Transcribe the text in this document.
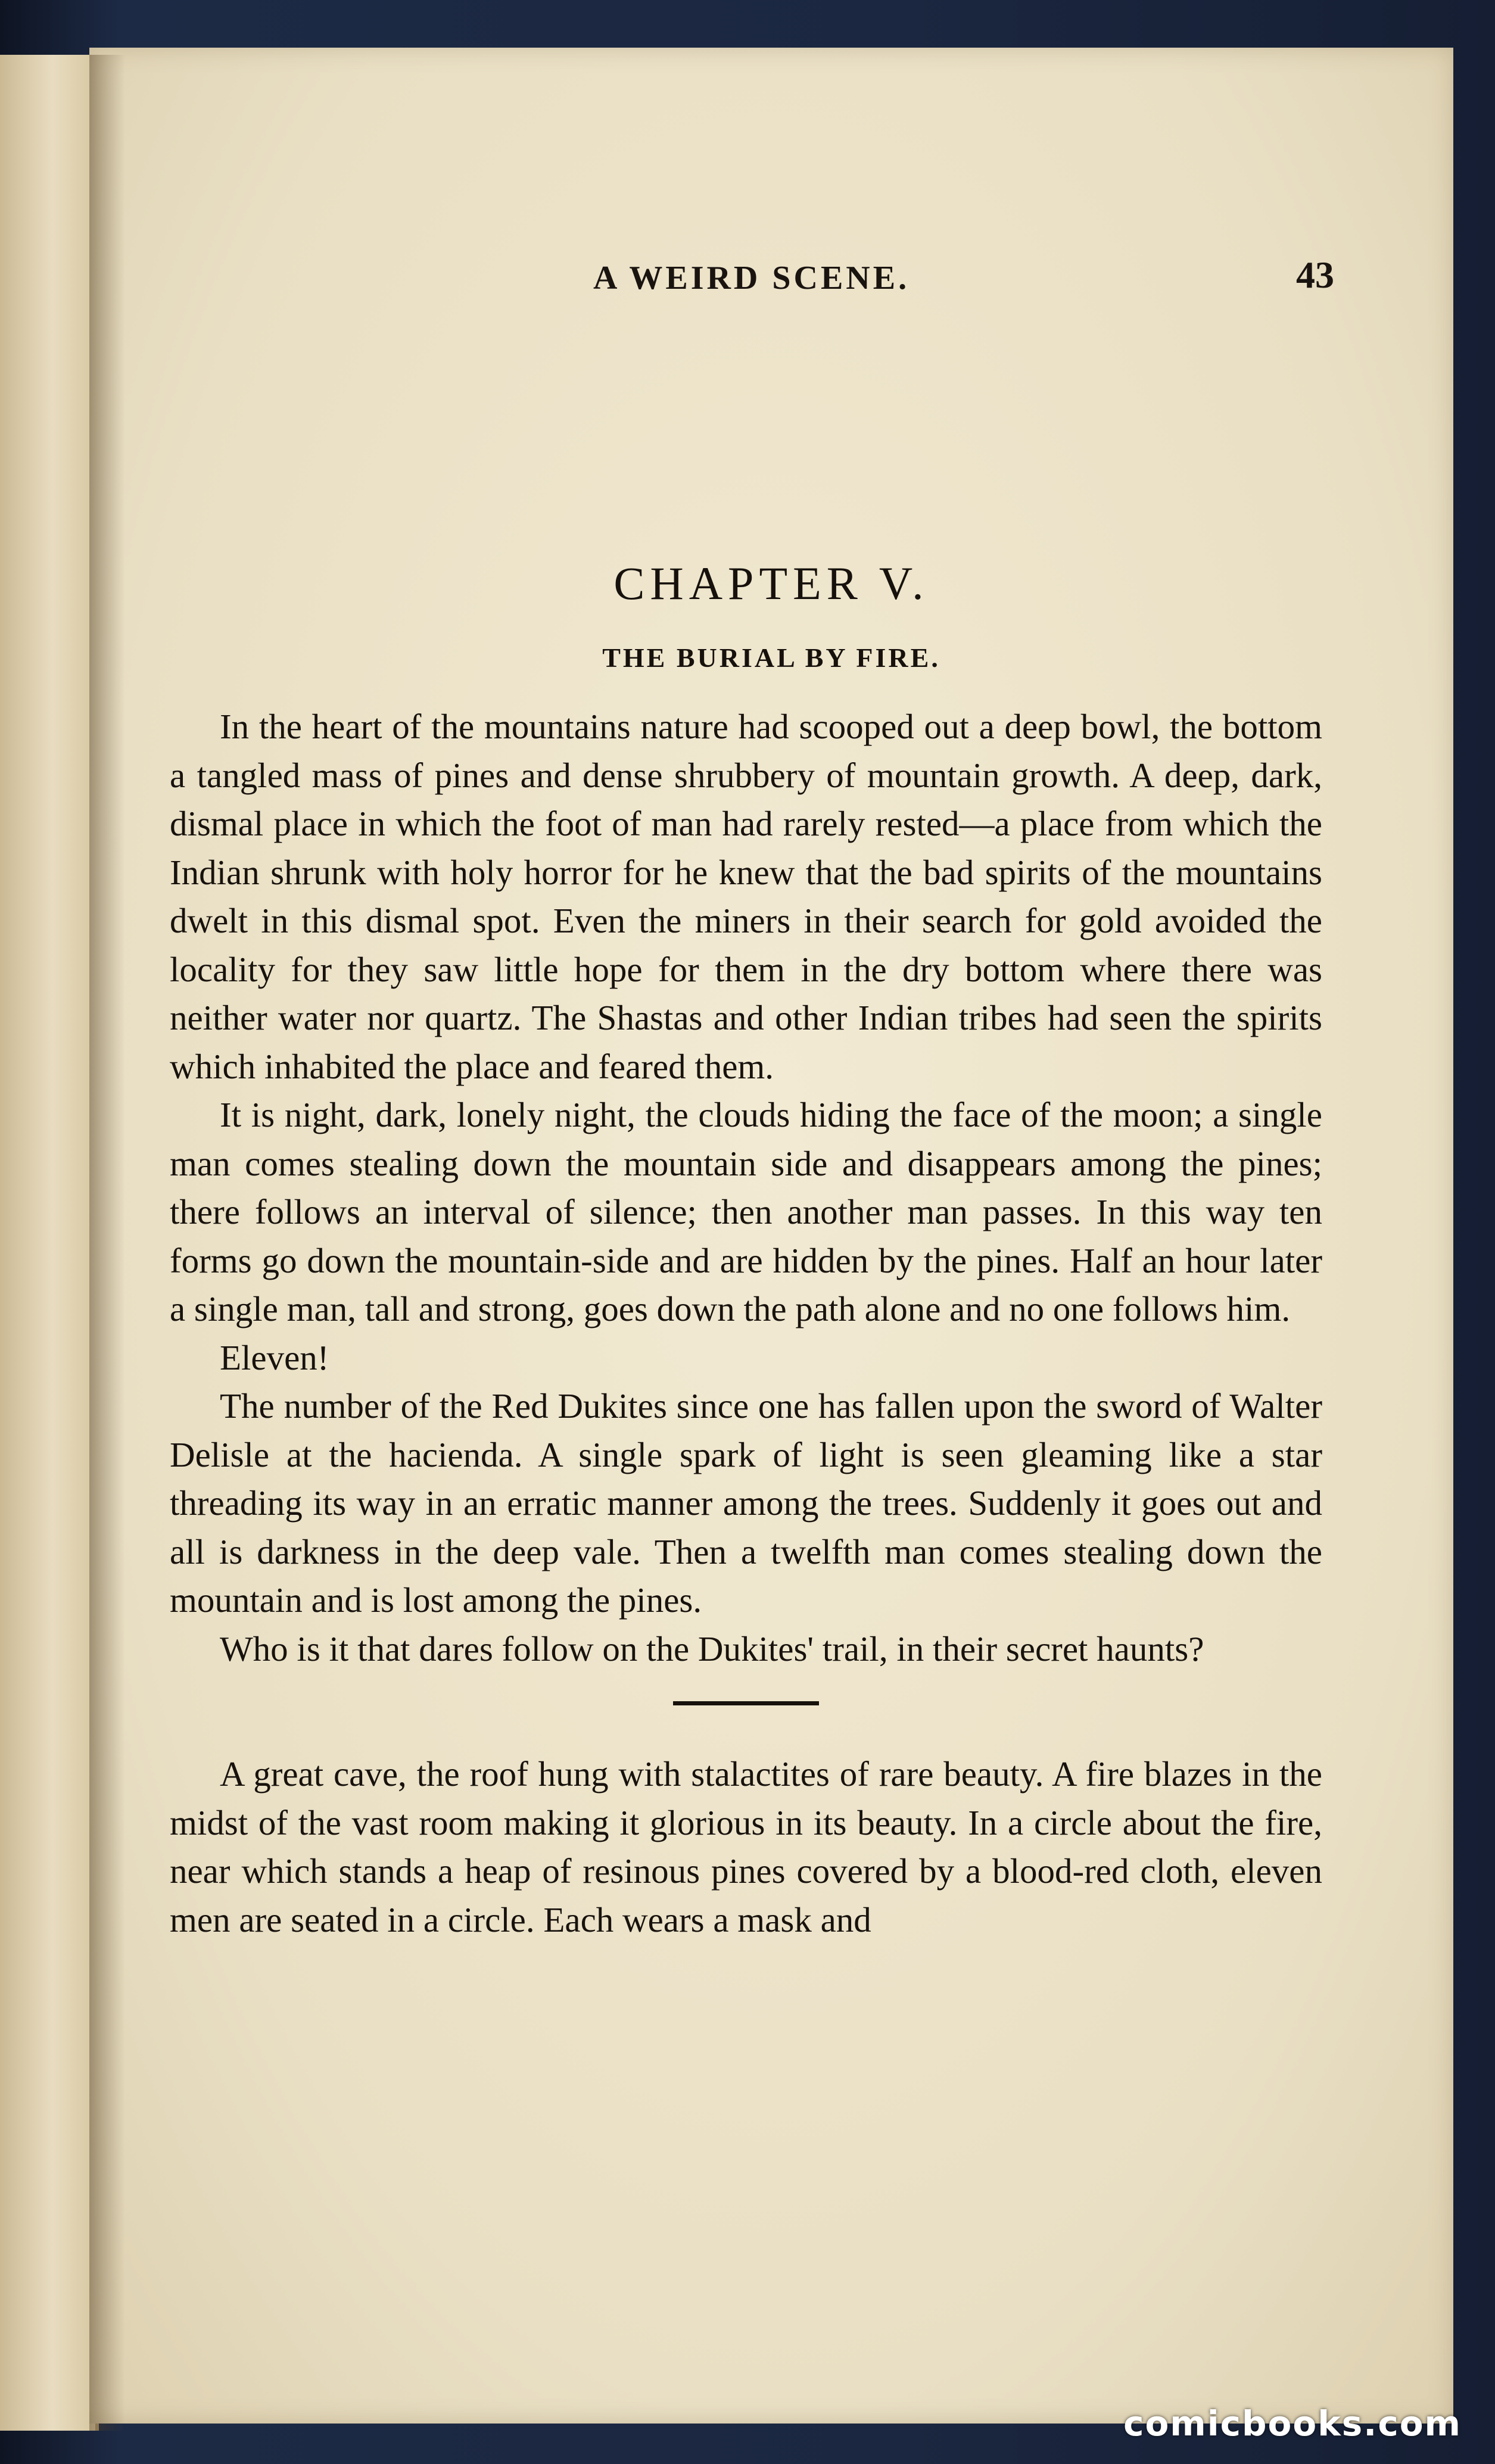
A WEIRD SCENE.	43
CHAPTER V.
THE BURIAL BY FIRE.

In the heart of the mountains nature had scooped out a deep bowl, the bottom a tangled mass of pines and dense shrubbery of mountain growth. A deep, dark, dismal place in which the foot of man had rarely rested—a place from which the Indian shrunk with holy horror for he knew that the bad spirits of the mountains dwelt in this dismal spot. Even the miners in their search for gold avoided the locality for they saw little hope for them in the dry bottom where there was neither water nor quartz. The Shastas and other Indian tribes had seen the spirits which inhabited the place and feared them.

It is night, dark, lonely night, the clouds hiding the face of the moon; a single man comes stealing down the mountain side and disappears among the pines; there follows an interval of silence; then another man passes. In this way ten forms go down the mountain-side and are hidden by the pines. Half an hour later a single man, tall and strong, goes down the path alone and no one follows him.

Eleven!

The number of the Red Dukites since one has fallen upon the sword of Walter Delisle at the hacienda. A single spark of light is seen gleaming like a star threading its way in an erratic manner among the trees. Suddenly it goes out and all is darkness in the deep vale. Then a twelfth man comes stealing down the mountain and is lost among the pines.

Who is it that dares follow on the Dukites' trail, in their secret haunts?

A great cave, the roof hung with stalactites of rare beauty. A fire blazes in the midst of the vast room making it glorious in its beauty. In a circle about the fire, near which stands a heap of resinous pines covered by a blood-red cloth, eleven men are seated in a circle. Each wears a mask and

comicbooks.com
